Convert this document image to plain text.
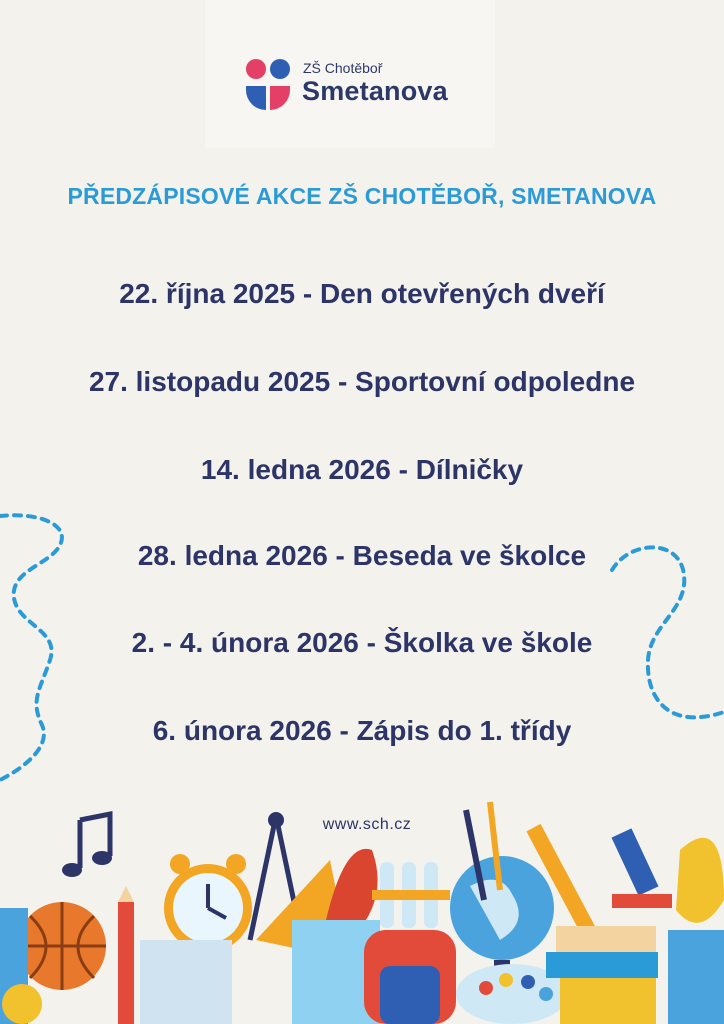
ZŠ Chotěboř
Smetanova
PŘEDZÁPISOVÉ AKCE ZŠ CHOTĚBOŘ, SMETANOVA
22. října 2025 - Den otevřených dveří
27. listopadu 2025 - Sportovní odpoledne
14. ledna 2026 - Dílničky
28. ledna 2026 - Beseda ve školce
2. - 4. února 2026 - Školka ve škole
6. února 2026 - Zápis do 1. třídy
www.sch.cz
